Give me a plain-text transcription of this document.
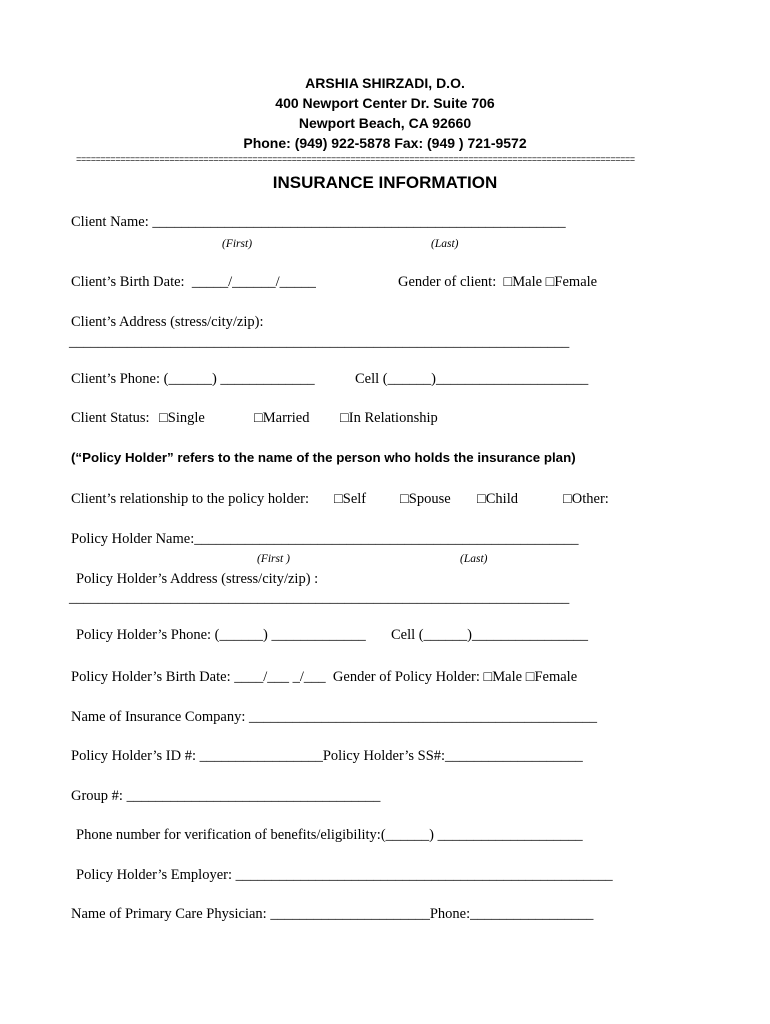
ARSHIA SHIRZADI, D.O.
400 Newport Center Dr. Suite 706
Newport Beach, CA 92660
Phone: (949) 922-5878 Fax: (949 ) 721-9572
==================================================================================================================
INSURANCE INFORMATION
Client Name: _________________________________________________________
(First)	(Last)
Client’s Birth Date:  _____/______/_____	Gender of client:  □Male □Female
Client’s Address (stress/city/zip):
_____________________________________________________________________
Client’s Phone: (______) _____________	Cell (______)_____________________
Client Status: □Single	□Married □In Relationship
(“Policy Holder” refers to the name of the person who holds the insurance plan)
Client’s relationship to the policy holder: □Self □Spouse □Child	□Other:
Policy Holder Name:_____________________________________________________
(First )	(Last)
Policy Holder’s Address (stress/city/zip) :
_____________________________________________________________________
Policy Holder’s Phone: (______) _____________ Cell (______)________________
Policy Holder’s Birth Date: ____/___ _/___  Gender of Policy Holder: □Male □Female
Name of Insurance Company: ________________________________________________
Policy Holder’s ID #: _________________Policy Holder’s SS#:___________________
Group #: ___________________________________
Phone number for verification of benefits/eligibility:(______) ____________________
Policy Holder’s Employer: ____________________________________________________
Name of Primary Care Physician: ______________________Phone:_________________
